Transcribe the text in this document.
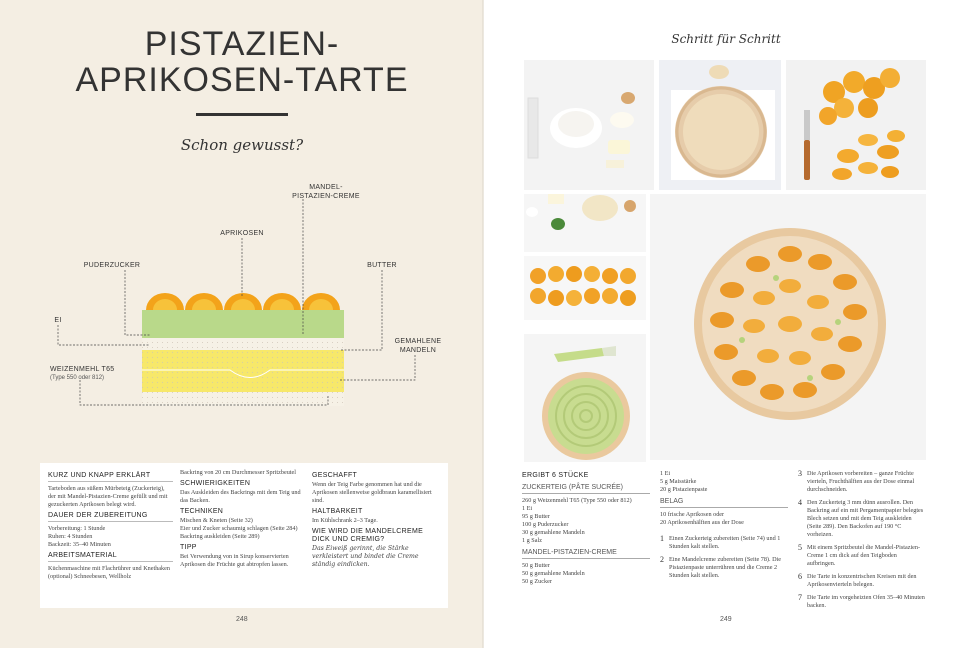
PISTAZIEN-
APRIKOSEN-TARTE
Schon gewusst?
MANDEL-
PISTAZIEN-CREME
APRIKOSEN
PUDERZUCKER	BUTTER
EI
GEMAHLENE
MANDELN
WEIZENMEHL T65
(Type 550 oder 812)
KURZ UND KNAPP ERKLÄRT
Tarteboden aus süßem Mürbeteig (Zuckerteig), der mit Mandel-Pistazien-Creme gefüllt und mit gezuckerten Aprikosen belegt wird.
DAUER DER ZUBEREITUNG
Vorbereitung: 1 Stunde
Ruhen: 4 Stunden
Backzeit: 35–40 Minuten
ARBEITSMATERIAL
Küchenmaschine mit Flachrührer und Knethaken (optional) Schneebesen, Wellholz
Backring von 20 cm Durchmesser Spritzbeutel
SCHWIERIGKEITEN
Das Auskleiden des Backrings mit dem Teig und das Backen.
TECHNIKEN
Mischen & Kneten (Seite 32)
Eier und Zucker schaumig schlagen (Seite 284)
Backring auskleiden (Seite 289)
TIPP
Bei Verwendung von in Sirup konservierten Aprikosen die Früchte gut abtropfen lassen.
GESCHAFFT
Wenn der Teig Farbe genommen hat und die Aprikosen stellenweise goldbraun karamellisiert sind.
HALTBARKEIT
Im Kühlschrank 2–3 Tage.
WIE WIRD DIE MANDELCREME
DICK UND CREMIG?
Das Eiweiß gerinnt, die Stärke verkleistert und bindet die Creme ständig eindicken.
248
Schritt für Schritt
ERGIBT 6 STÜCKE
ZUCKERTEIG (PÂTE SUCRÉE)
260 g Weizenmehl T65 (Type 550 oder 812)
1 Ei
95 g Butter
100 g Puderzucker
30 g gemahlene Mandeln
1 g Salz
MANDEL-PISTAZIEN-CREME
50 g Butter
50 g gemahlene Mandeln
50 g Zucker
1 Ei
5 g Maisstärke
20 g Pistazienpaste
BELAG
10 frische Aprikosen oder
20 Aprikosenhälften aus der Dose
1 Einen Zuckerteig zubereiten (Seite 74) und 1 Stunden kalt stellen.
2 Eine Mandelcreme zubereiten (Seite 78). Die Pistazienpaste unterrühren und die Creme 2 Stunden kalt stellen.
3 Die Aprikosen vorbereiten – ganze Früchte vierteln, Fruchthälften aus der Dose einmal durchschneiden.
4 Den Zuckerteig 3 mm dünn ausrollen. Den Backring auf ein mit Pergamentpapier belegtes Blech setzen und mit dem Teig auskleiden (Seite 289). Den Backofen auf 190 °C vorheizen.
5 Mit einem Spritzbeutel die Mandel-Pistazien-Creme 1 cm dick auf den Teigboden aufbringen.
6 Die Tarte in konzentrischen Kreisen mit den Aprikosenvierteln belegen.
7 Die Tarte im vorgeheizten Ofen 35–40 Minuten backen.
249
